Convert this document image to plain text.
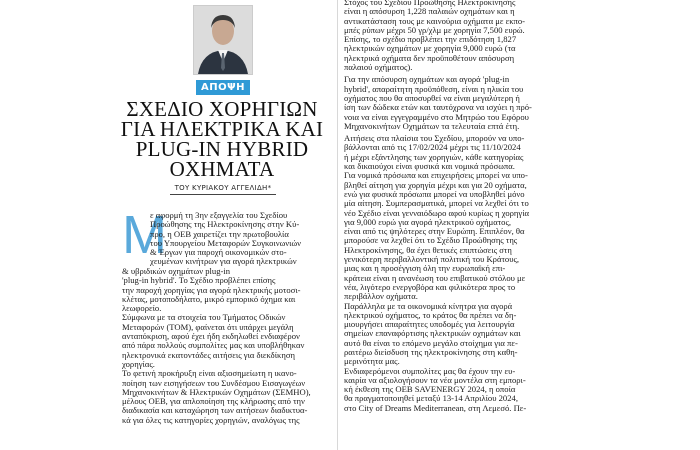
ΑΠΟΨΗ
ΣΧΕΔΙΟ ΧΟΡΗΓΙΩΝ
ΓΙΑ ΗΛΕΚΤΡΙΚΑ ΚΑΙ
PLUG-IN HYBRID
ΟΧΗΜΑΤΑ
ΤΟΥ ΚΥΡΙΑΚΟΥ ΑΓΓΕΛΙΔΗ*
Μ
ε αφορμή τη 3ην εξαγγελία του Σχεδίου
Προώθησης της Ηλεκτροκίνησης στην Κύ-
προ, η ΟΕΒ χαιρετίζει την πρωτοβουλία
του Υπουργείου Μεταφορών Συγκοινωνιών
& Έργων για παροχή οικονομικών στο-
χευμένων κινήτρων για αγορά ηλεκτρικών
& υβριδικών οχημάτων plug-in
'plug-in hybrid'. Το Σχέδιο προβλέπει επίσης
την παροχή χορηγίας για αγορά ηλεκτρικής μοτοσι-
κλέτας, μοτοποδήλατο, μικρό εμπορικό όχημα και
λεωφορείο.
Σύμφωνα με τα στοιχεία του Τμήματος Οδικών
Μεταφορών (ΤΟΜ), φαίνεται ότι υπάρχει μεγάλη
ανταπόκριση, αφού έχει ήδη εκδηλωθεί ενδιαφέρον
από πάρα πολλούς συμπολίτες μας και υποβλήθηκαν
ηλεκτρονικά εκατοντάδες αιτήσεις για διεκδίκηση
χορηγίας.
Το φετινή προκήρυξη είναι αξιοσημείωτη η ικανο-
ποίηση των εισηγήσεων του Συνδέσμου Εισαγωγέων
Μηχανοκινήτων & Ηλεκτρικών Οχημάτων (ΣΕΜΗΟ),
μέλους ΟΕΒ, για απλοποίηση της κλήρωσης από την
διαδικασία και καταχώρηση των αιτήσεων διαδικτυα-
κά για όλες τις κατηγορίες χορηγιών, αναλόγως της
Στόχος του Σχεδίου Προώθησης Ηλεκτροκίνησης
είναι η απόσυρση 1,228 παλαιών οχημάτων και η
αντικατάσταση τους με καινούρια οχήματα με εκπο-
μπές ρύπων μέχρι 50 γρ/χλμ με χορηγία 7,500 ευρώ.
Επίσης, το σχέδιο προβλέπει την επιδότηση 1,827
ηλεκτρικών οχημάτων με χορηγία 9,000 ευρώ (τα
ηλεκτρικά οχήματα δεν προϋποθέτουν απόσυρση
παλαιού οχήματος).
Για την απόσυρση οχημάτων και αγορά 'plug-in
hybrid', απαραίτητη προϋπόθεση, είναι η ηλικία του
οχήματος που θα αποσυρθεί να είναι μεγαλύτερη ή
ίση των δώδεκα ετών και ταυτόχρονα να ισχύει η πρό-
νοια να είναι εγγεγραμμένο στο Μητρώο του Εφόρου
Μηχανοκινήτων Οχημάτων τα τελευταία επτά έτη.
Αιτήσεις στα πλαίσια του Σχεδίου, μπορούν να υπο-
βάλλονται από τις 17/02/2024 μέχρι τις 11/10/2024
ή μέχρι εξάντλησης των χορηγιών, κάθε κατηγορίας
και δικαιούχοι είναι φυσικά και νομικά πρόσωπα.
Για νομικά πρόσωπα και επιχειρήσεις μπορεί να υπο-
βληθεί αίτηση για χορηγία μέχρι και για 20 οχήματα,
ενώ για φυσικά πρόσωπα μπορεί να υποβληθεί μόνο
μία αίτηση. Συμπερασματικά, μπορεί να λεχθεί ότι το
νέο Σχέδιο είναι γενναιόδωρο αφού κυρίως η χορηγία
για 9,000 ευρώ για αγορά ηλεκτρικού οχήματος,
είναι από τις ψηλότερες στην Ευρώπη. Επιπλέον, θα
μπορούσε να λεχθεί ότι το Σχέδιο Προώθησης της
Ηλεκτροκίνησης, θα έχει θετικές επιπτώσεις στη
γενικότερη περιβαλλοντική πολιτική του Κράτους,
μιας και η προσέγγιση όλη την ευρωπαϊκή επι-
κράτεια είναι η ανανέωση του επιβατικού στόλου με
νέα, λιγότερο ενεργοβόρα και φιλικότερα προς το
περιβάλλον οχήματα.
Παράλληλα με τα οικονομικά κίνητρα για αγορά
ηλεκτρικού οχήματος, το κράτος θα πρέπει να δη-
μιουργήσει απαραίτητες υποδομές για λειτουργία
σημείων επαναφόρτισης ηλεκτρικών οχημάτων και
αυτό θα είναι το επόμενο μεγάλο στοίχημα για πε-
ραιτέρω διείσδυση της ηλεκτροκίνησης στη καθη-
μερινότητα μας.
Ενδιαφερόμενοι συμπολίτες μας θα έχουν την ευ-
καιρία να αξιολογήσουν τα νέα μοντέλα στη εμπορι-
κή έκθεση της ΟΕΒ SAVENERGY 2024, η οποία
θα πραγματοποιηθεί μεταξύ 13-14 Απριλίου 2024,
στο City of Dreams Mediterranean, στη Λεμεσό. Πε-
